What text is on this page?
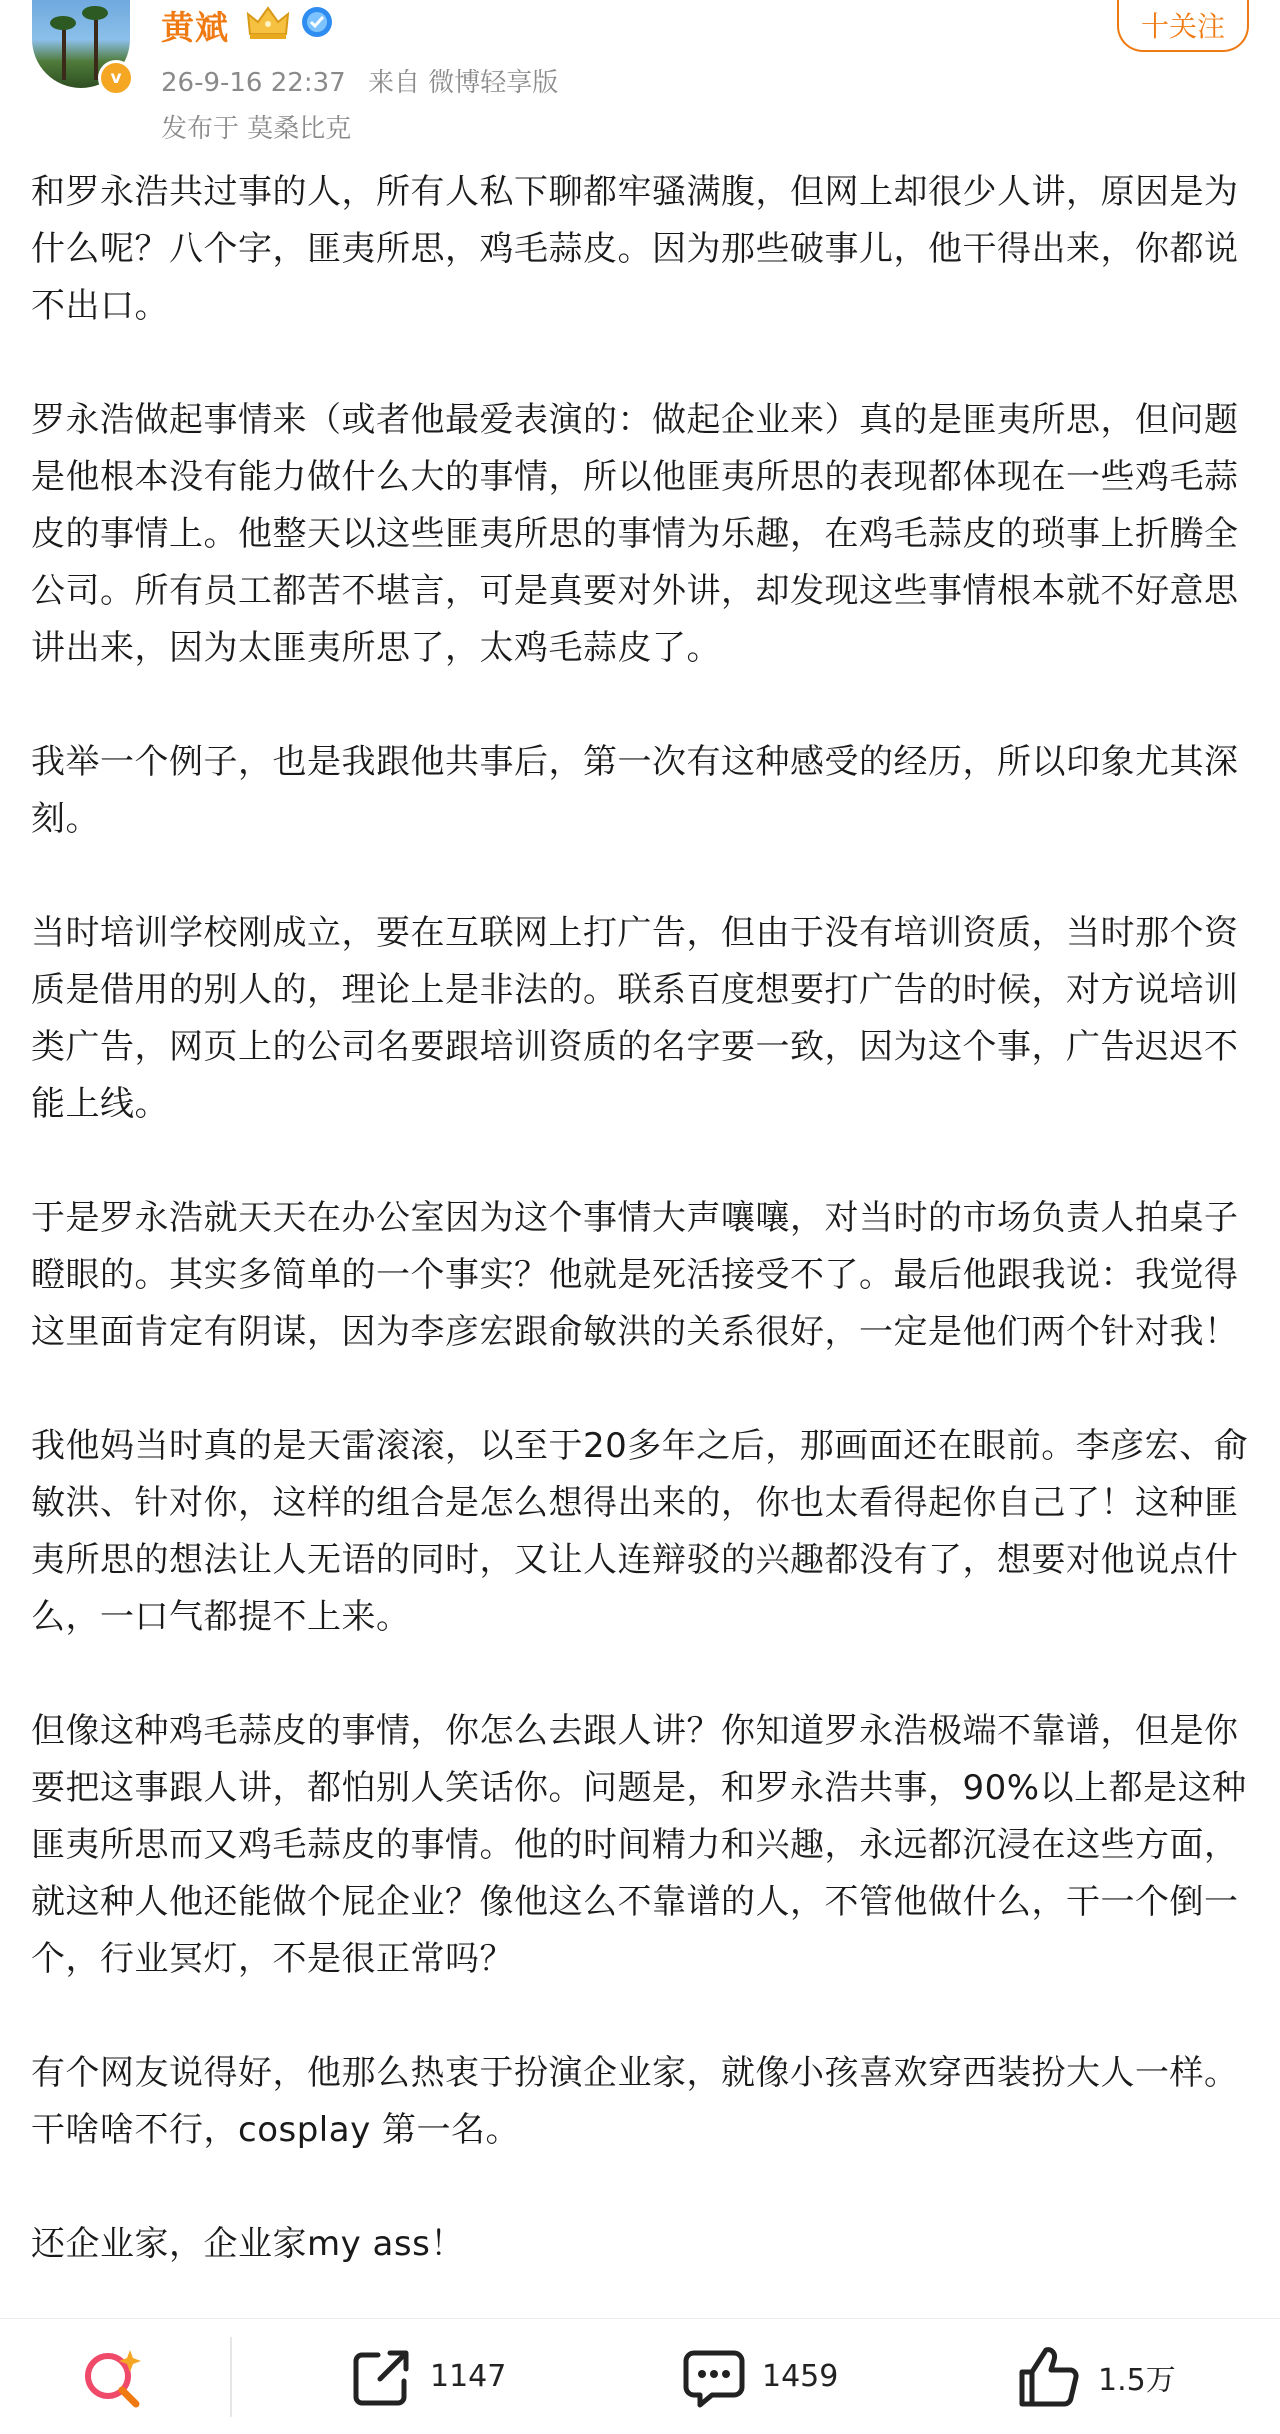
v
黄斌
26-9-16 22:37 来自 微博轻享版
发布于 莫桑比克
十关注

和罗永浩共过事的人，所有人私下聊都牢骚满腹，但网上却很少人讲，原因是为什么呢？八个字，匪夷所思，鸡毛蒜皮。因为那些破事儿，他干得出来，你都说不出口。

罗永浩做起事情来（或者他最爱表演的：做起企业来）真的是匪夷所思，但问题是他根本没有能力做什么大的事情，所以他匪夷所思的表现都体现在一些鸡毛蒜皮的事情上。他整天以这些匪夷所思的事情为乐趣，在鸡毛蒜皮的琐事上折腾全公司。所有员工都苦不堪言，可是真要对外讲，却发现这些事情根本就不好意思讲出来，因为太匪夷所思了，太鸡毛蒜皮了。

我举一个例子，也是我跟他共事后，第一次有这种感受的经历，所以印象尤其深刻。

当时培训学校刚成立，要在互联网上打广告，但由于没有培训资质，当时那个资质是借用的别人的，理论上是非法的。联系百度想要打广告的时候，对方说培训类广告，网页上的公司名要跟培训资质的名字要一致，因为这个事，广告迟迟不能上线。

于是罗永浩就天天在办公室因为这个事情大声嚷嚷，对当时的市场负责人拍桌子瞪眼的。其实多简单的一个事实？他就是死活接受不了。最后他跟我说：我觉得这里面肯定有阴谋，因为李彦宏跟俞敏洪的关系很好，一定是他们两个针对我！

我他妈当时真的是天雷滚滚，以至于20多年之后，那画面还在眼前。李彦宏、俞敏洪、针对你，这样的组合是怎么想得出来的，你也太看得起你自己了！这种匪夷所思的想法让人无语的同时，又让人连辩驳的兴趣都没有了，想要对他说点什么，一口气都提不上来。

但像这种鸡毛蒜皮的事情，你怎么去跟人讲？你知道罗永浩极端不靠谱，但是你要把这事跟人讲，都怕别人笑话你。问题是，和罗永浩共事，90%以上都是这种匪夷所思而又鸡毛蒜皮的事情。他的时间精力和兴趣，永远都沉浸在这些方面，就这种人他还能做个屁企业？像他这么不靠谱的人，不管他做什么，干一个倒一个，行业冥灯，不是很正常吗？

有个网友说得好，他那么热衷于扮演企业家，就像小孩喜欢穿西装扮大人一样。干啥啥不行，cosplay 第一名。

还企业家，企业家my ass！

1147	1459	1.5万
